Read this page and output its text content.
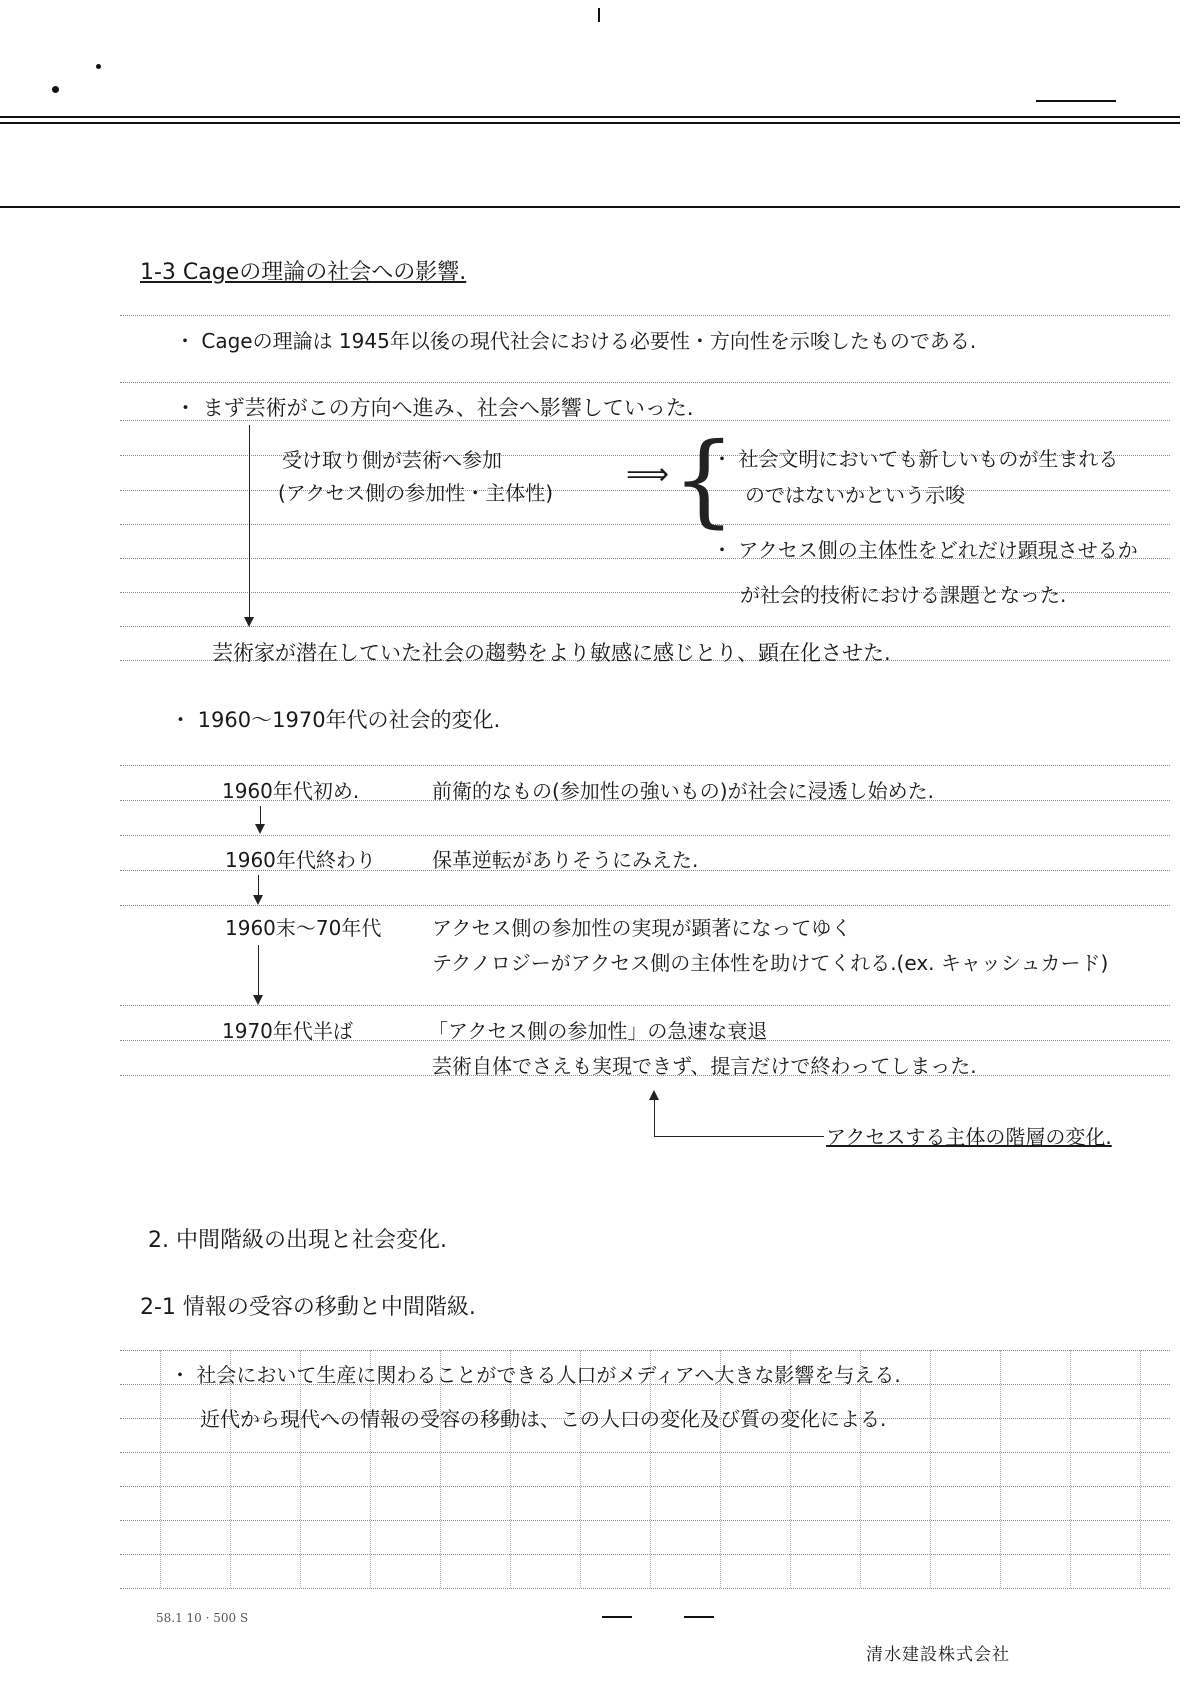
1-3 Cageの理論の社会への影響.
・ Cageの理論は 1945年以後の現代社会における必要性・方向性を示唆したものである.
・ まず芸術がこの方向へ進み、社会へ影響していった.
受け取り側が芸術へ参加
(アクセス側の参加性・主体性)
⟹ {
・ 社会文明においても新しいものが生まれる
のではないかという示唆
・ アクセス側の主体性をどれだけ顕現させるか
が社会的技術における課題となった.
芸術家が潜在していた社会の趨勢をより敏感に感じとり、顕在化させた.
・ 1960～1970年代の社会的変化.
1960年代初め.	前衛的なもの(参加性の強いもの)が社会に浸透し始めた.
1960年代終わり	保革逆転がありそうにみえた.
1960末～70年代	アクセス側の参加性の実現が顕著になってゆく
テクノロジーがアクセス側の主体性を助けてくれる.(ex. キャッシュカード)
1970年代半ば	「アクセス側の参加性」の急速な衰退
芸術自体でさえも実現できず、提言だけで終わってしまった.
アクセスする主体の階層の変化.
2. 中間階級の出現と社会変化.
2-1 情報の受容の移動と中間階級.
・ 社会において生産に関わることができる人口がメディアへ大きな影響を与える.
近代から現代への情報の受容の移動は、この人口の変化及び質の変化による.
58.1 10 · 500 S
清水建設株式会社
